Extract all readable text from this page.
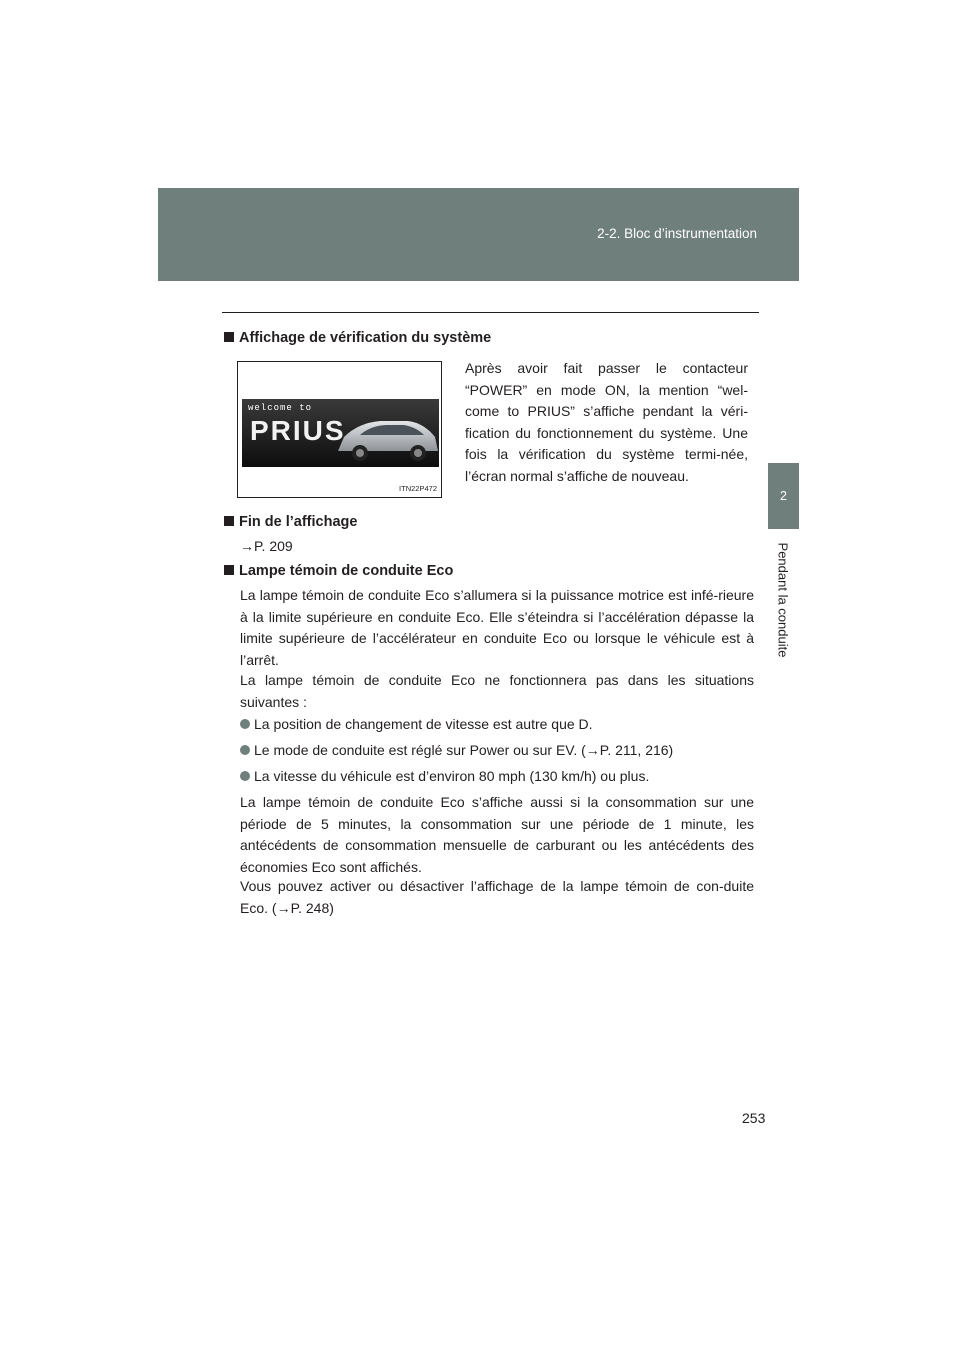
2-2. Bloc d’instrumentation
2
Pendant la conduite
Affichage de vérification du système
welcome to
PRIUS
ITN22P472

Après avoir fait passer le contacteur “POWER” en mode ON, la mention “wel-come to PRIUS” s’affiche pendant la véri-fication du fonctionnement du système. Une fois la vérification du système termi-née, l’écran normal s’affiche de nouveau.

Fin de l’affichage

→P. 209

Lampe témoin de conduite Eco

La lampe témoin de conduite Eco s’allumera si la puissance motrice est infé-rieure à la limite supérieure en conduite Eco. Elle s’éteindra si l’accélération dépasse la limite supérieure de l’accélérateur en conduite Eco ou lorsque le véhicule est à l’arrêt.

La lampe témoin de conduite Eco ne fonctionnera pas dans les situations suivantes :

La position de changement de vitesse est autre que D.

Le mode de conduite est réglé sur Power ou sur EV. (→P. 211, 216)

La vitesse du véhicule est d’environ 80 mph (130 km/h) ou plus.

La lampe témoin de conduite Eco s’affiche aussi si la consommation sur une période de 5 minutes, la consommation sur une période de 1 minute, les antécédents de consommation mensuelle de carburant ou les antécédents des économies Eco sont affichés.

Vous pouvez activer ou désactiver l’affichage de la lampe témoin de con-duite Eco. (→P. 248)

253
